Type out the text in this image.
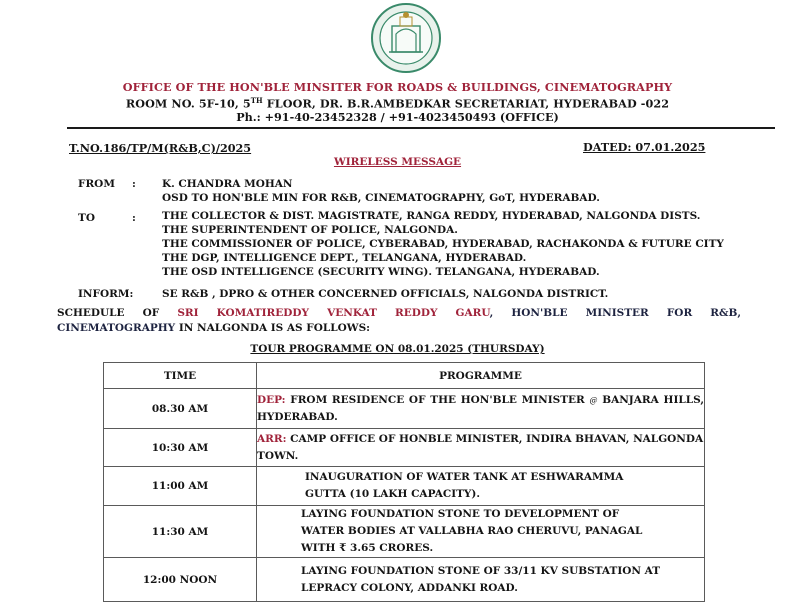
OFFICE OF THE HON'BLE MINSITER FOR ROADS & BUILDINGS, CINEMATOGRAPHY
ROOM NO. 5F-10, 5TH FLOOR, DR. B.R.AMBEDKAR SECRETARIAT, HYDERABAD -022
Ph.: +91-40-23452328 / +91-4023450493 (OFFICE)
T.NO.186/TP/M(R&B,C)/2025	DATED: 07.01.2025
WIRELESS MESSAGE
FROM : K. CHANDRA MOHAN
OSD TO HON'BLE MIN FOR R&B, CINEMATOGRAPHY, GoT, HYDERABAD.
TO	: THE COLLECTOR & DIST. MAGISTRATE, RANGA REDDY, HYDERABAD, NALGONDA DISTS.
THE SUPERINTENDENT OF POLICE, NALGONDA.
THE COMMISSIONER OF POLICE, CYBERABAD, HYDERABAD, RACHAKONDA & FUTURE CITY
THE DGP, INTELLIGENCE DEPT., TELANGANA, HYDERABAD.
THE OSD INTELLIGENCE (SECURITY WING). TELANGANA, HYDERABAD.
INFORM:	SE R&B , DPRO & OTHER CONCERNED OFFICIALS, NALGONDA DISTRICT.
SCHEDULE OF SRI KOMATIREDDY VENKAT REDDY GARU, HON'BLE MINISTER FOR R&B,
CINEMATOGRAPHY IN NALGONDA IS AS FOLLOWS:
TOUR PROGRAMME ON 08.01.2025 (THURSDAY)
TIME	PROGRAMME
08.30 AM	DEP: FROM RESIDENCE OF THE HON'BLE MINISTER @ BANJARA HILLS, HYDERABAD.
10:30 AM	ARR: CAMP OFFICE OF HONBLE MINISTER, INDIRA BHAVAN, NALGONDA TOWN.
11:00 AM	INAUGURATION OF WATER TANK AT ESHWARAMMA GUTTA (10 LAKH CAPACITY).
11:30 AM	LAYING FOUNDATION STONE TO DEVELOPMENT OF WATER BODIES AT VALLABHA RAO CHERUVU, PANAGAL WITH ₹ 3.65 CRORES.
12:00 NOON	LAYING FOUNDATION STONE OF 33/11 KV SUBSTATION AT LEPRACY COLONY, ADDANKI ROAD.
